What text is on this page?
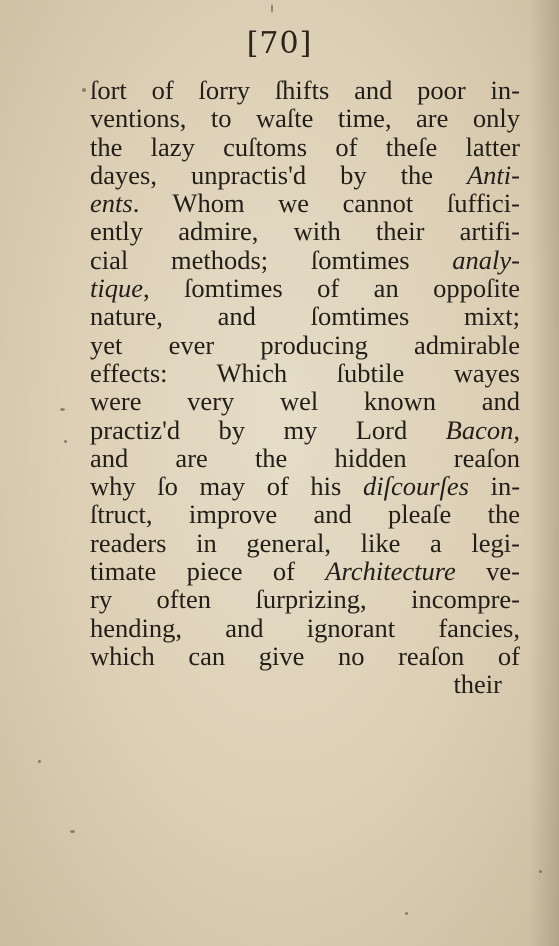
[70]
ſort of ſorry ſhifts and poor in-
ventions, to waſte time, are only
the lazy cuſtoms of theſe latter
dayes, unpractis'd by the Anti-
ents. Whom we cannot ſuffici-
ently admire, with their artifi-
cial methods; ſomtimes analy-
tique, ſomtimes of an oppoſite
nature, and ſomtimes mixt;
yet ever producing admirable
effects: Which ſubtile wayes
were very wel known and
practiz'd by my Lord Bacon,
and are the hidden reaſon
why ſo may of his diſcourſes in-
ſtruct, improve and pleaſe the
readers in general, like a legi-
timate piece of Architecture ve-
ry often ſurprizing, incompre-
hending, and ignorant fancies,
which can give no reaſon of
their
